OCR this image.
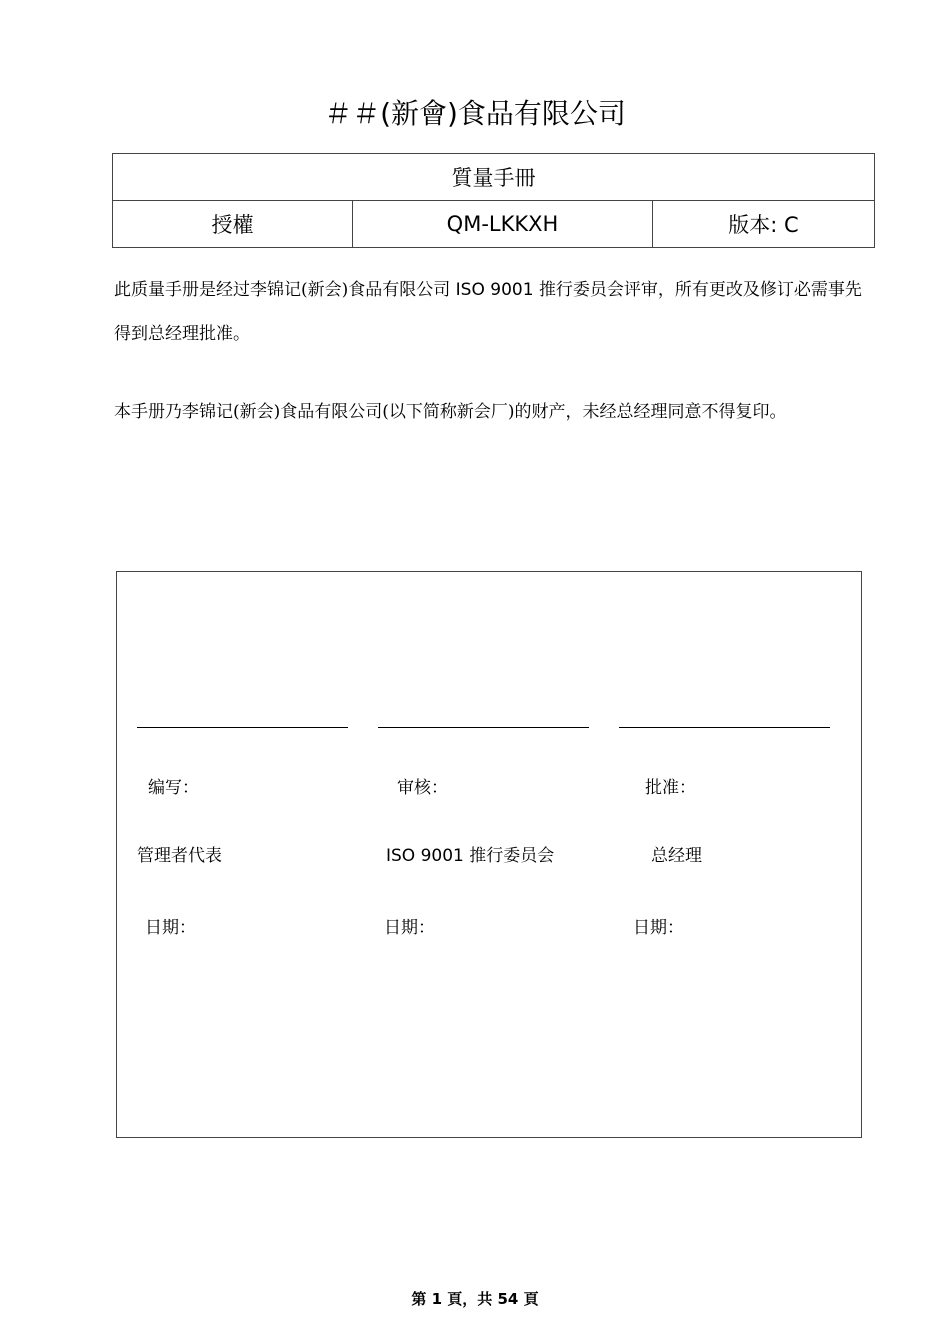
＃＃(新會)食品有限公司
質量手冊
授權	QM-LKKXH	版本: C
此质量手册是经过李锦记(新会)食品有限公司 ISO 9001 推行委员会评审，所有更改及修订必需事先得到总经理批准。
本手册乃李锦记(新会)食品有限公司(以下简称新会厂)的财产，未经总经理同意不得复印。
编写：	审核：	批准：
管理者代表	ISO 9001 推行委员会	总经理
日期：	日期：	日期：
第 1 頁，共 54 頁
